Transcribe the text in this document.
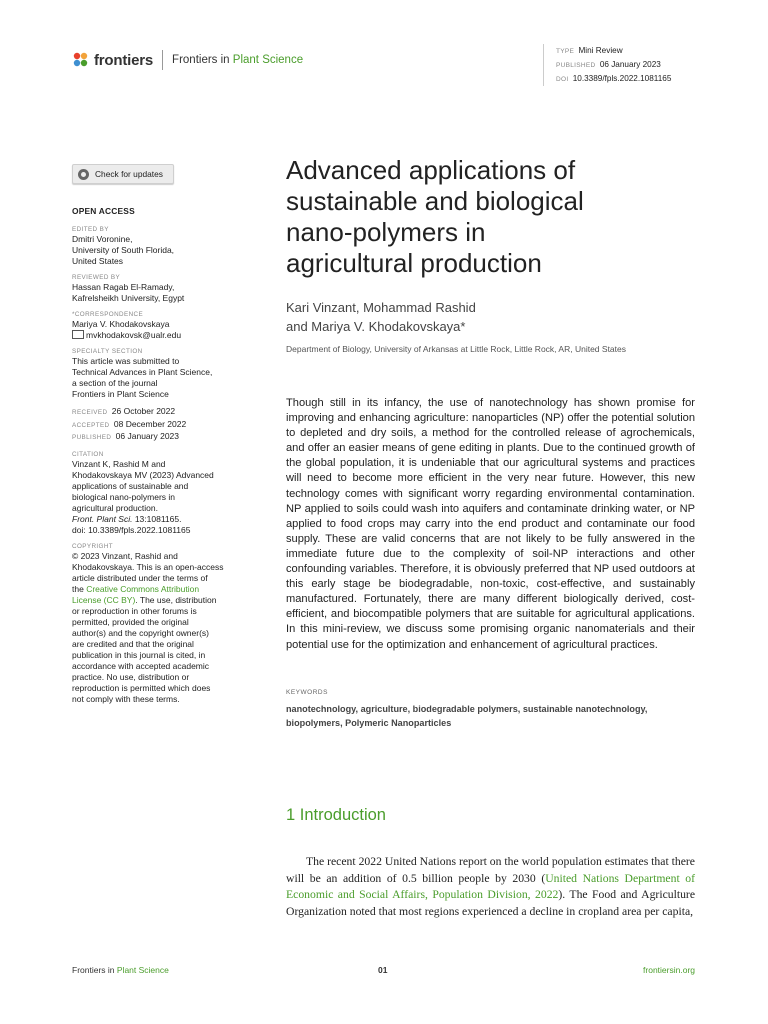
frontiers Frontiers in Plant Science
TYPE Mini Review
PUBLISHED 06 January 2023
DOI 10.3389/fpls.2022.1081165
Check for updates
OPEN ACCESS
EDITED BY
Dmitri Voronine,
University of South Florida,
United States
REVIEWED BY
Hassan Ragab El-Ramady,
Kafrelsheikh University, Egypt
*CORRESPONDENCE
Mariya V. Khodakovskaya
mvkhodakovsk@ualr.edu
SPECIALTY SECTION
This article was submitted to
Technical Advances in Plant Science,
a section of the journal
Frontiers in Plant Science
RECEIVED 26 October 2022
ACCEPTED 08 December 2022
PUBLISHED 06 January 2023
CITATION
Vinzant K, Rashid M and
Khodakovskaya MV (2023) Advanced
applications of sustainable and
biological nano-polymers in
agricultural production.
Front. Plant Sci. 13:1081165.
doi: 10.3389/fpls.2022.1081165
COPYRIGHT
© 2023 Vinzant, Rashid and
Khodakovskaya. This is an open-access
article distributed under the terms of
the Creative Commons Attribution
License (CC BY). The use, distribution
or reproduction in other forums is
permitted, provided the original
author(s) and the copyright owner(s)
are credited and that the original
publication in this journal is cited, in
accordance with accepted academic
practice. No use, distribution or
reproduction is permitted which does
not comply with these terms.
Advanced applications of
sustainable and biological
nano-polymers in
agricultural production
Kari Vinzant, Mohammad Rashid
and Mariya V. Khodakovskaya*
Department of Biology, University of Arkansas at Little Rock, Little Rock, AR, United States
Though still in its infancy, the use of nanotechnology has shown promise for improving and enhancing agriculture: nanoparticles (NP) offer the potential solution to depleted and dry soils, a method for the controlled release of agrochemicals, and offer an easier means of gene editing in plants. Due to the continued growth of the global population, it is undeniable that our agricultural systems and practices will need to become more efficient in the very near future. However, this new technology comes with significant worry regarding environmental contamination. NP applied to soils could wash into aquifers and contaminate drinking water, or NP applied to food crops may carry into the end product and contaminate our food supply. These are valid concerns that are not likely to be fully answered in the immediate future due to the complexity of soil-NP interactions and other confounding variables. Therefore, it is obviously preferred that NP used outdoors at this early stage be biodegradable, non-toxic, cost-effective, and sustainably manufactured. Fortunately, there are many different biologically derived, cost-efficient, and biocompatible polymers that are suitable for agricultural applications. In this mini-review, we discuss some promising organic nanomaterials and their potential use for the optimization and enhancement of agricultural practices.
KEYWORDS
nanotechnology, agriculture, biodegradable polymers, sustainable nanotechnology, biopolymers, Polymeric Nanoparticles
1 Introduction
The recent 2022 United Nations report on the world population estimates that there will be an addition of 0.5 billion people by 2030 (United Nations Department of Economic and Social Affairs, Population Division, 2022). The Food and Agriculture Organization noted that most regions experienced a decline in cropland area per capita,
Frontiers in Plant Science	01	frontiersin.org
